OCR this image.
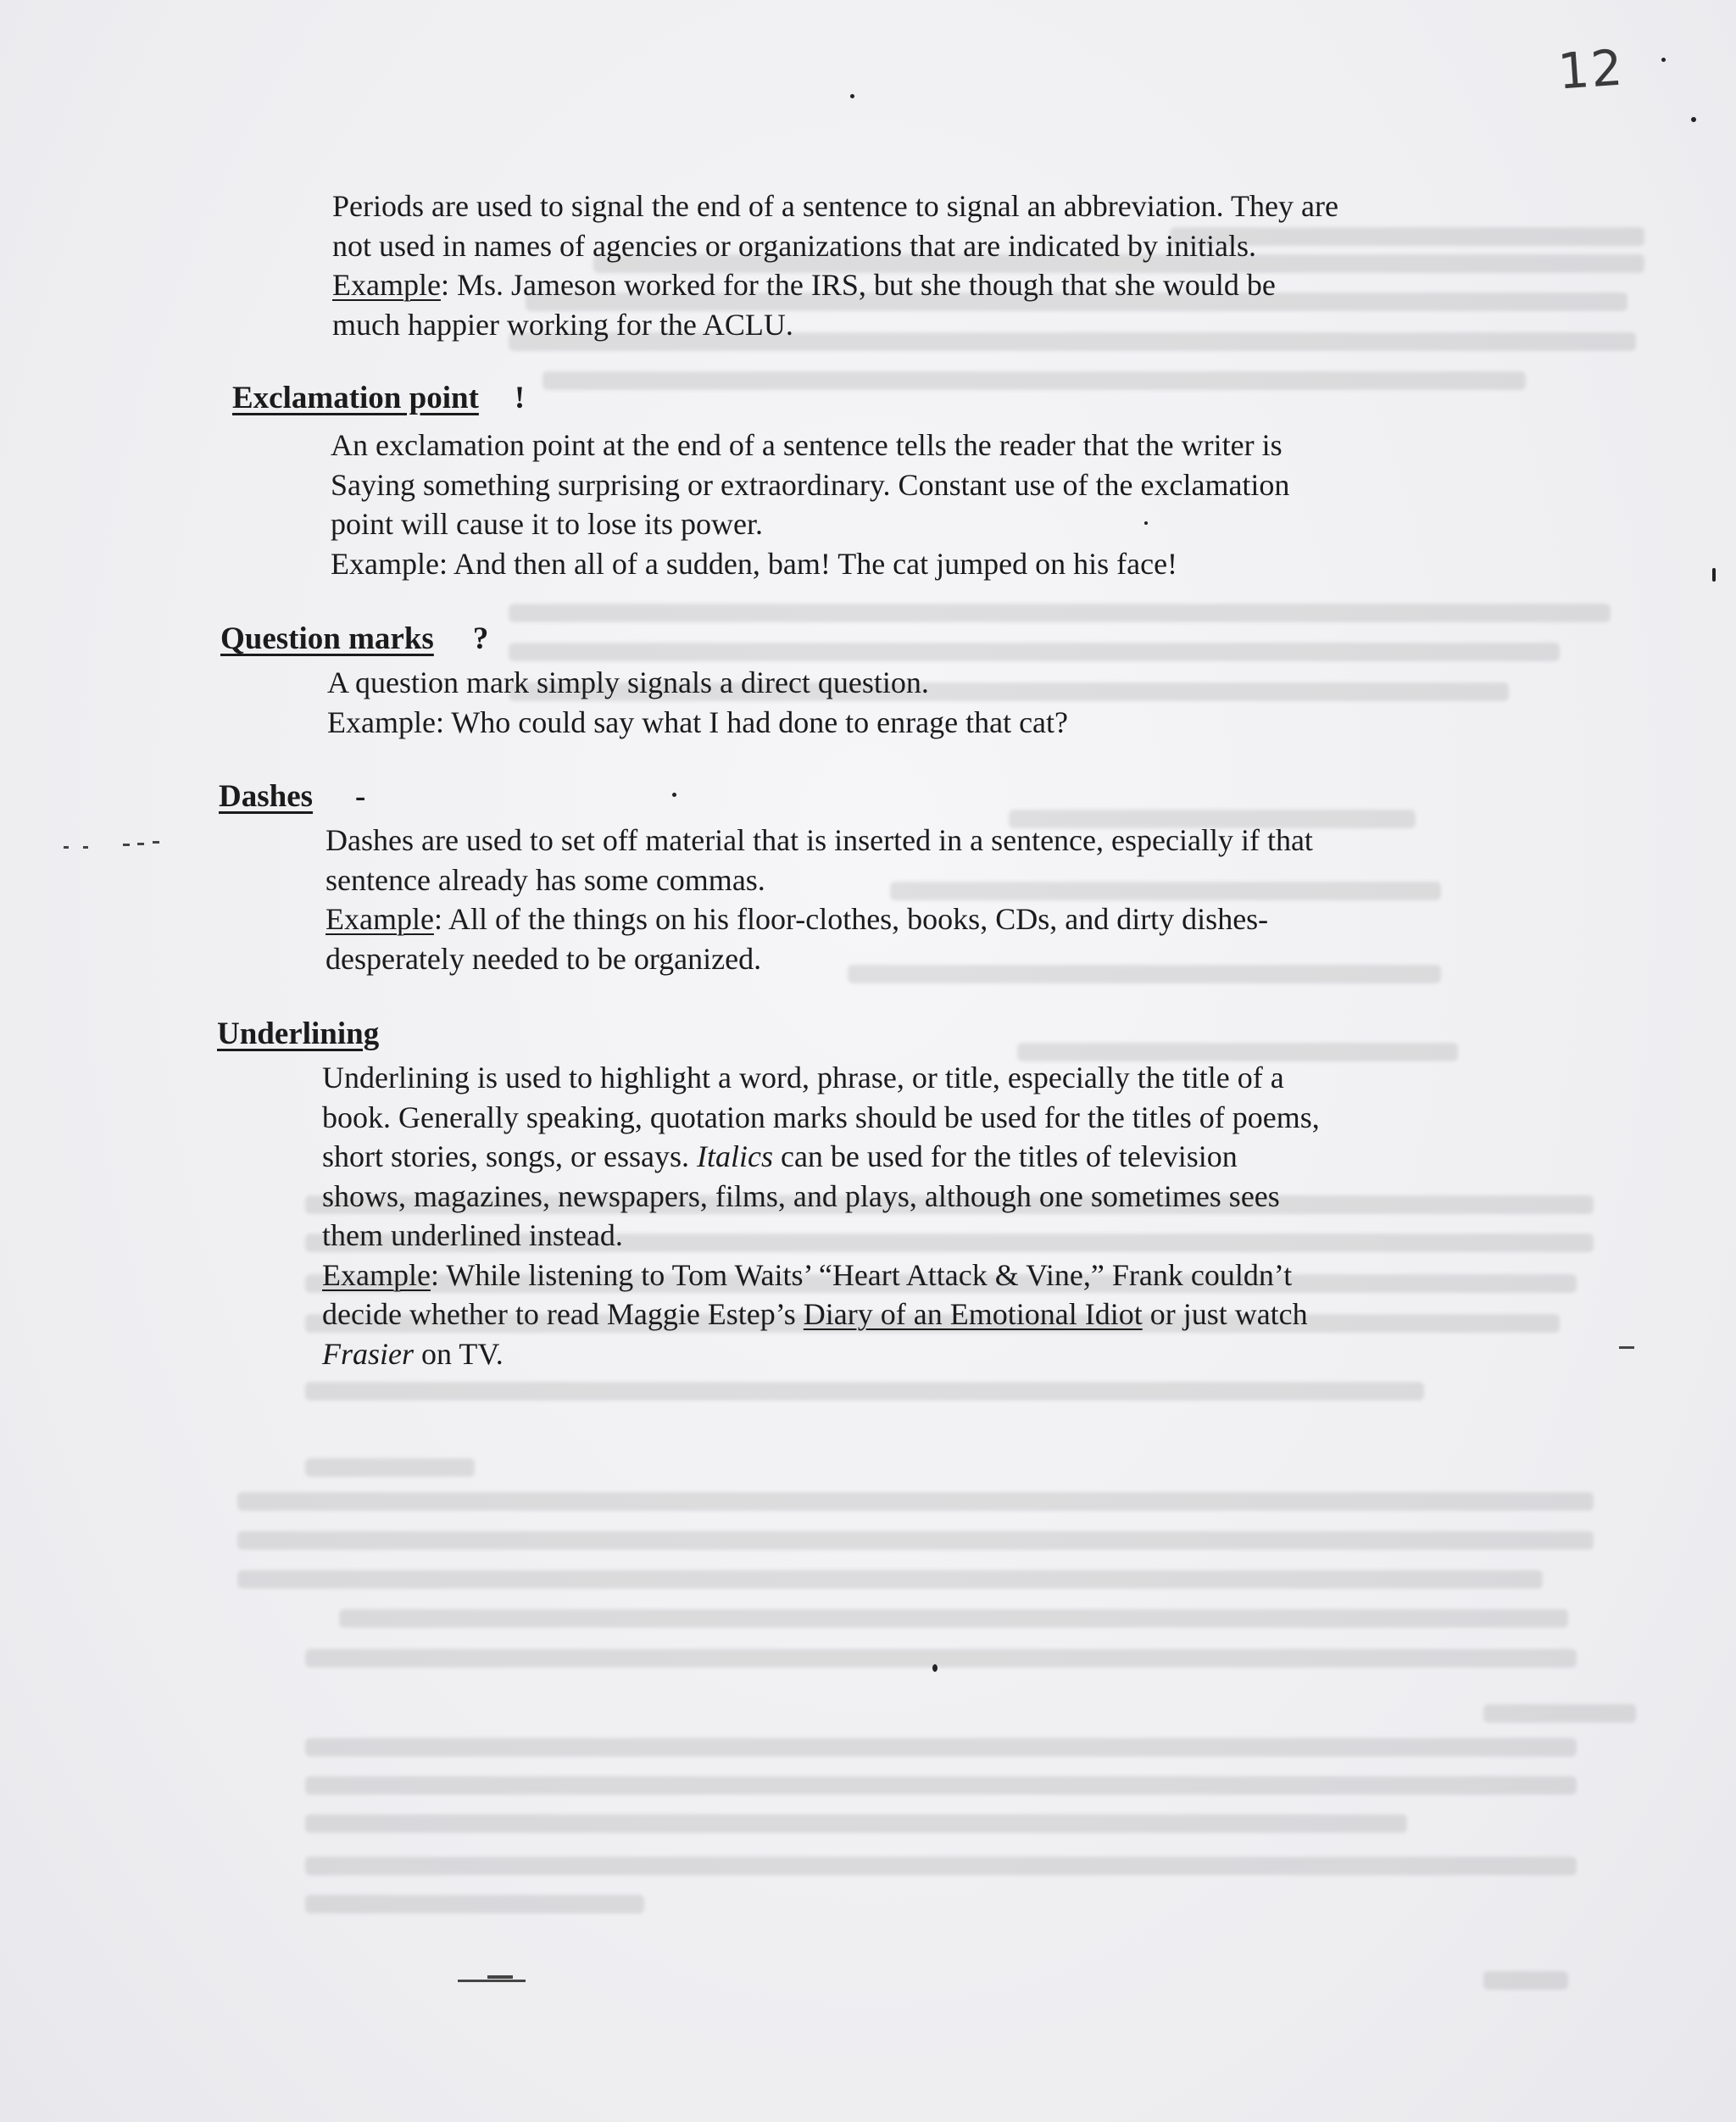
12
Periods are used to signal the end of a sentence to signal an abbreviation. They are
not used in names of agencies or organizations that are indicated by initials.
Example: Ms. Jameson worked for the IRS, but she though that she would be
much happier working for the ACLU.
Exclamation point !
An exclamation point at the end of a sentence tells the reader that the writer is
Saying something surprising or extraordinary. Constant use of the exclamation
point will cause it to lose its power.
Example: And then all of a sudden, bam! The cat jumped on his face!
Question marks ?
A question mark simply signals a direct question.
Example: Who could say what I had done to enrage that cat?
Dashes -
Dashes are used to set off material that is inserted in a sentence, especially if that
sentence already has some commas.
Example: All of the things on his floor-clothes, books, CDs, and dirty dishes-
desperately needed to be organized.
Underlining
Underlining is used to highlight a word, phrase, or title, especially the title of a
book. Generally speaking, quotation marks should be used for the titles of poems,
short stories, songs, or essays. Italics can be used for the titles of television
shows, magazines, newspapers, films, and plays, although one sometimes sees
them underlined instead.
Example: While listening to Tom Waits’ “Heart Attack & Vine,” Frank couldn’t
decide whether to read Maggie Estep’s Diary of an Emotional Idiot or just watch
Frasier on TV.
